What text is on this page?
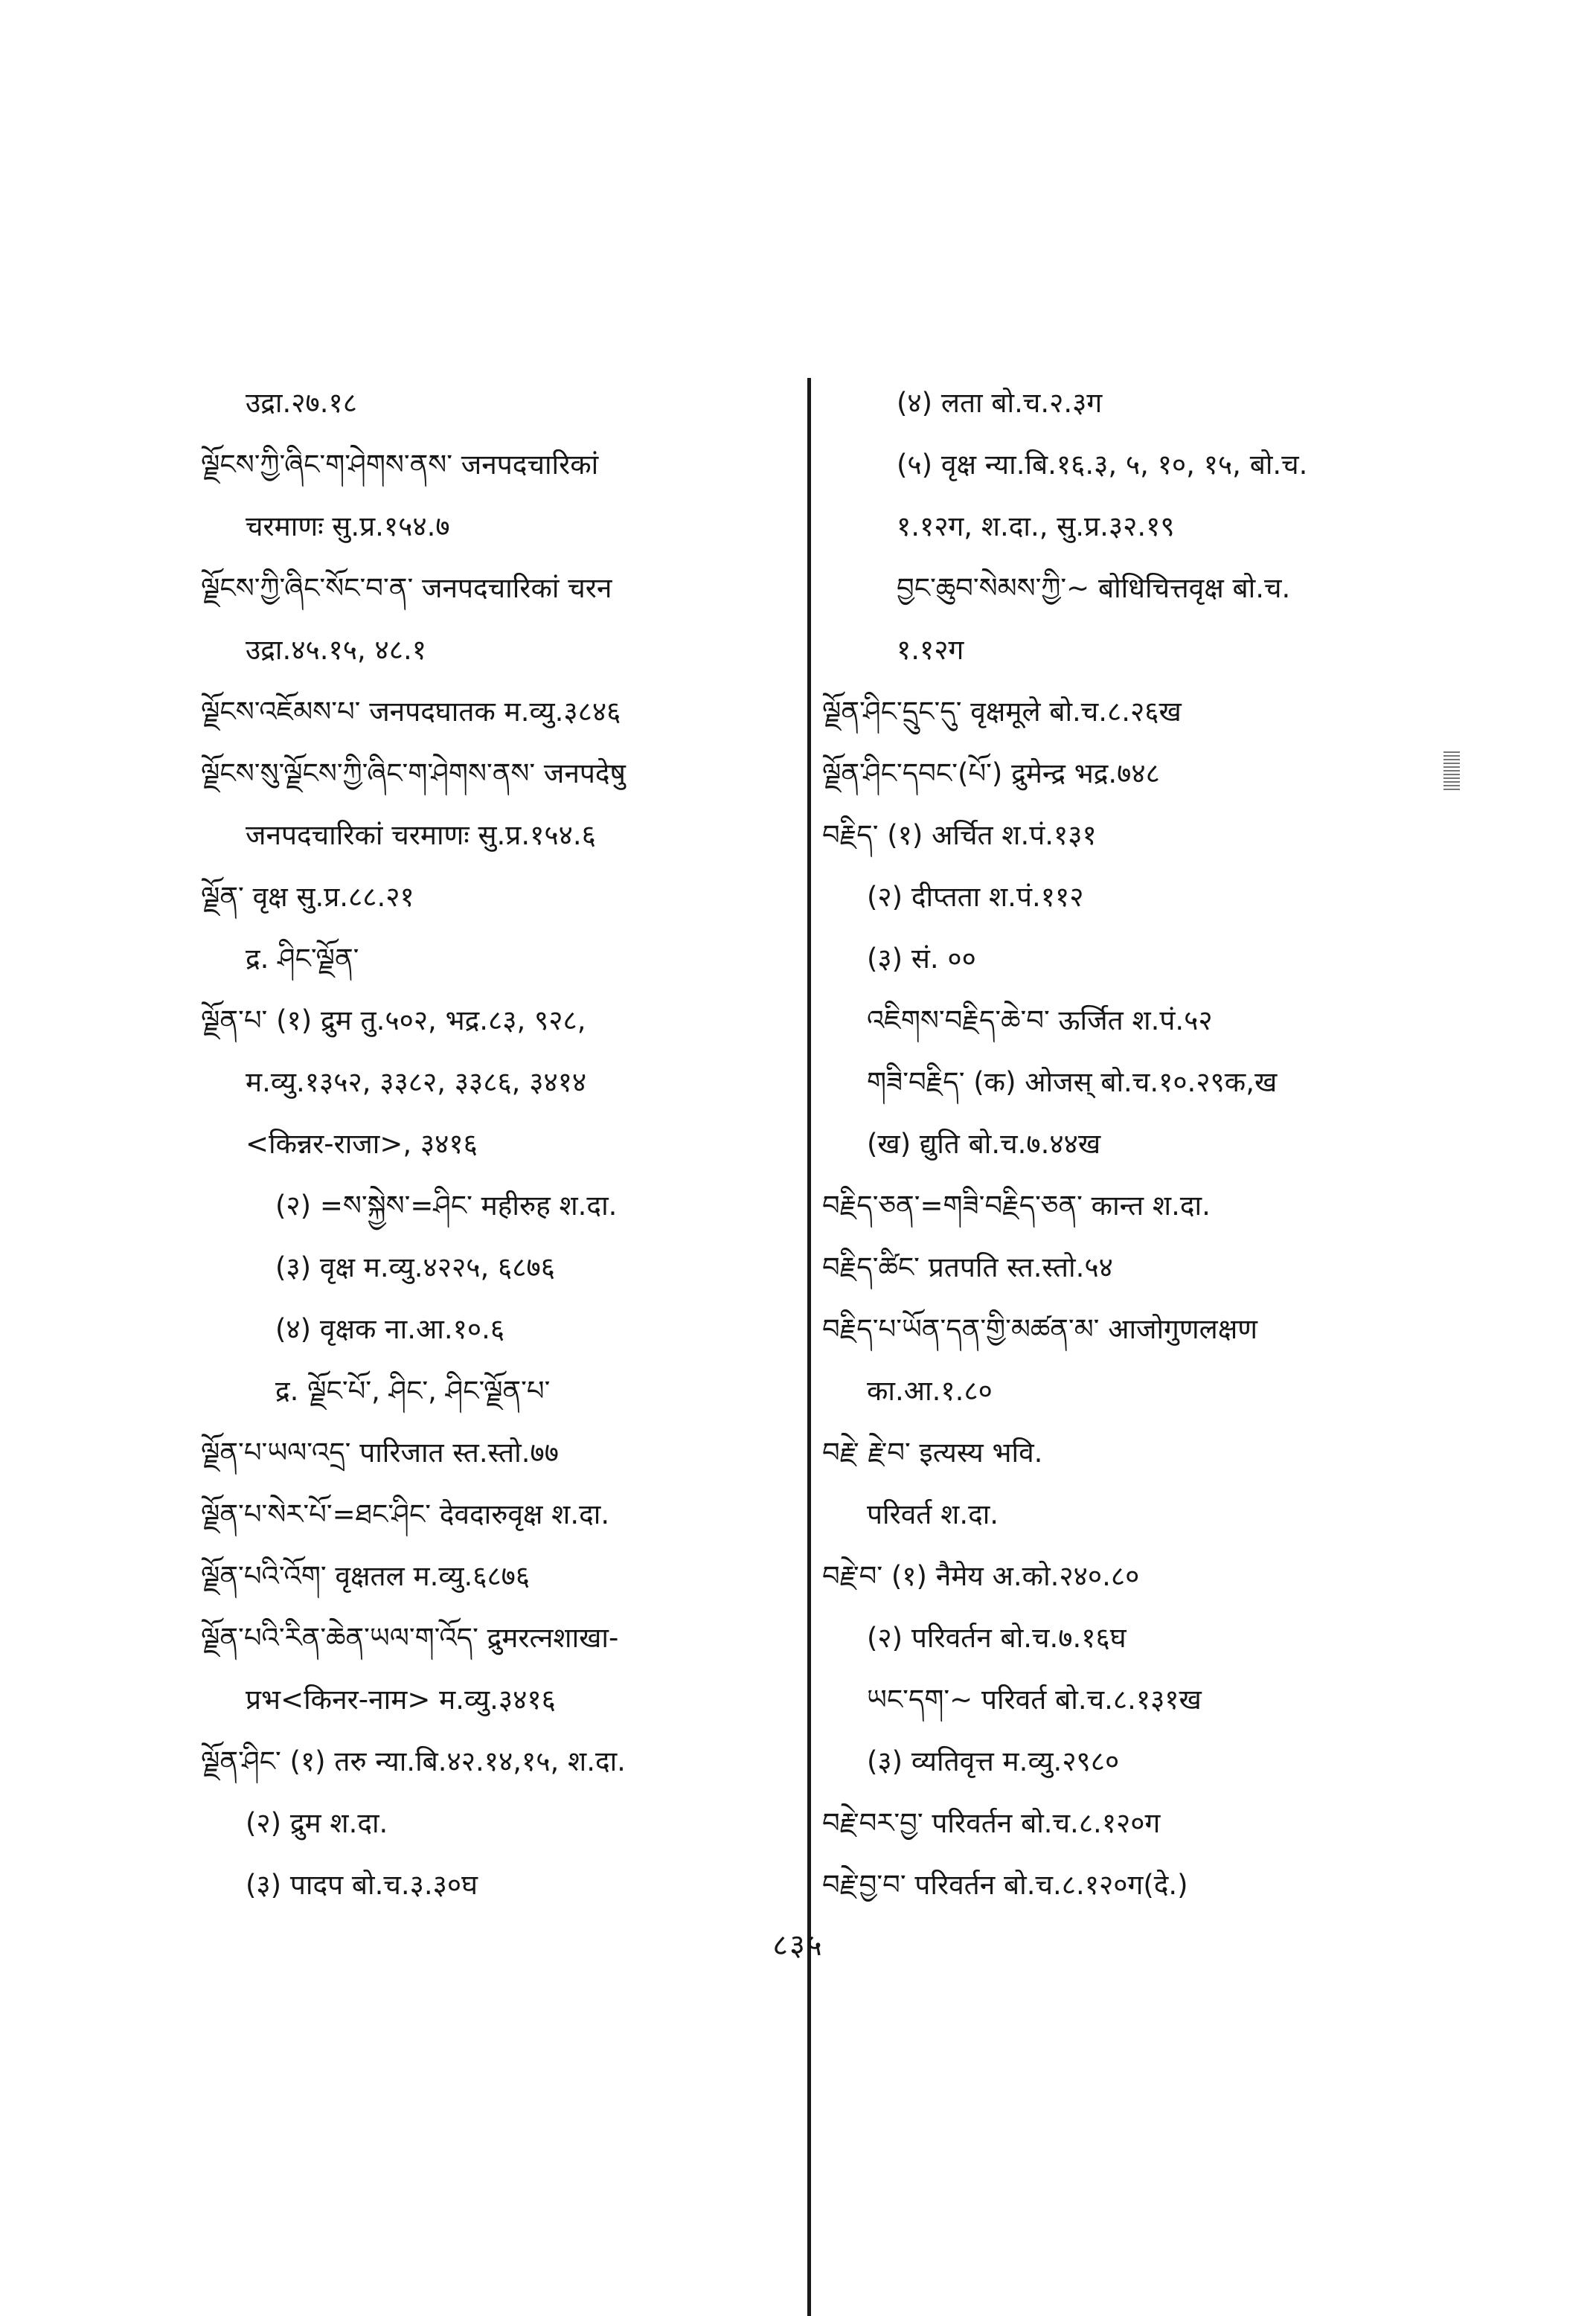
उद्रा.२७.१८
ལྗོངས་ཀྱི་ཞིང་ག་ཤེགས་ནས་ जनपदचारिकां
चरमाणः सु.प्र.१५४.७
ལྗོངས་ཀྱི་ཞིང་སོང་བ་ན་ जनपदचारिकां चरन
उद्रा.४५.१५, ४८.१
ལྗོངས་འཇོམས་པ་ जनपदघातक म.व्यु.३८४६
ལྗོངས་སུ་ལྗོངས་ཀྱི་ཞིང་ག་ཤེགས་ནས་ जनपदेषु
जनपदचारिकां चरमाणः सु.प्र.१५४.६
ལྗོན་ वृक्ष सु.प्र.८८.२१
द्र. ཤིང་ལྗོན་
ལྗོན་པ་ (१) द्रुम तु.५०२, भद्र.८३, ९२८,
म.व्यु.१३५२, ३३८२, ३३८६, ३४१४
<किन्नर-राजा>, ३४१६
(२) =ས་སྐྱེས་=ཤིང་ महीरुह श.दा.
(३) वृक्ष म.व्यु.४२२५, ६८७६
(४) वृक्षक ना.आ.१०.६
द्र. ལྗོང་པོ་, ཤིང་, ཤིང་ལྗོན་པ་
ལྗོན་པ་ཡལ་འདྲ་ पारिजात स्त.स्तो.७७
ལྗོན་པ་སེར་པོ་=ཐང་ཤིང་ देवदारुवृक्ष श.दा.
ལྗོན་པའི་འོག་ वृक्षतल म.व्यु.६८७६
ལྗོན་པའི་རིན་ཆེན་ཡལ་ག་འོད་ द्रुमरत्नशाखा-
प्रभ<किनर-नाम> म.व्यु.३४१६
ལྗོན་ཤིང་ (१) तरु न्या.बि.४२.१४,१५, श.दा.
(२) द्रुम श.दा.
(३) पादप बो.च.३.३०घ
(४) लता बो.च.२.३ग
(५) वृक्ष न्या.बि.१६.३, ५, १०, १५, बो.च.
१.१२ग, श.दा., सु.प्र.३२.१९
བྱང་ཆུབ་སེམས་ཀྱི་~ बोधिचित्तवृक्ष बो.च.
१.१२ग
ལྗོན་ཤིང་དྲུང་དུ་ वृक्षमूले बो.च.८.२६ख
ལྗོན་ཤིང་དབང་(པོ་) द्रुमेन्द्र भद्र.७४८
བརྗིད་ (१) अर्चित श.पं.१३१
(२) दीप्तता श.पं.११२
(३) सं. ००
འཇིགས་བརྗིད་ཆེ་བ་ ऊर्जित श.पं.५२
གཟི་བརྗིད་ (क) ओजस् बो.च.१०.२९क,ख
(ख) द्युति बो.च.७.४४ख
བརྗིད་ཅན་=གཟི་བརྗིད་ཅན་ कान्त श.दा.
བརྗིད་ཚིང་ प्रतपति स्त.स्तो.५४
བརྗིད་པ་ཡོན་དན་གྱི་མཚན་མ་ आजोगुणलक्षण
का.आ.१.८०
བརྗེ་ རྗེ་བ་ इत्यस्य भवि.
परिवर्त श.दा.
བརྗེ་བ་ (१) नैमेय अ.को.२४०.८०
(२) परिवर्तन बो.च.७.१६घ
ཡང་དག་~ परिवर्त बो.च.८.१३१ख
(३) व्यतिवृत्त म.व्यु.२९८०
བརྗེ་བར་བྱ་ परिवर्तन बो.च.८.१२०ग
བརྗེ་བྱ་བ་ परिवर्तन बो.च.८.१२०ग(दे.)
८३५
